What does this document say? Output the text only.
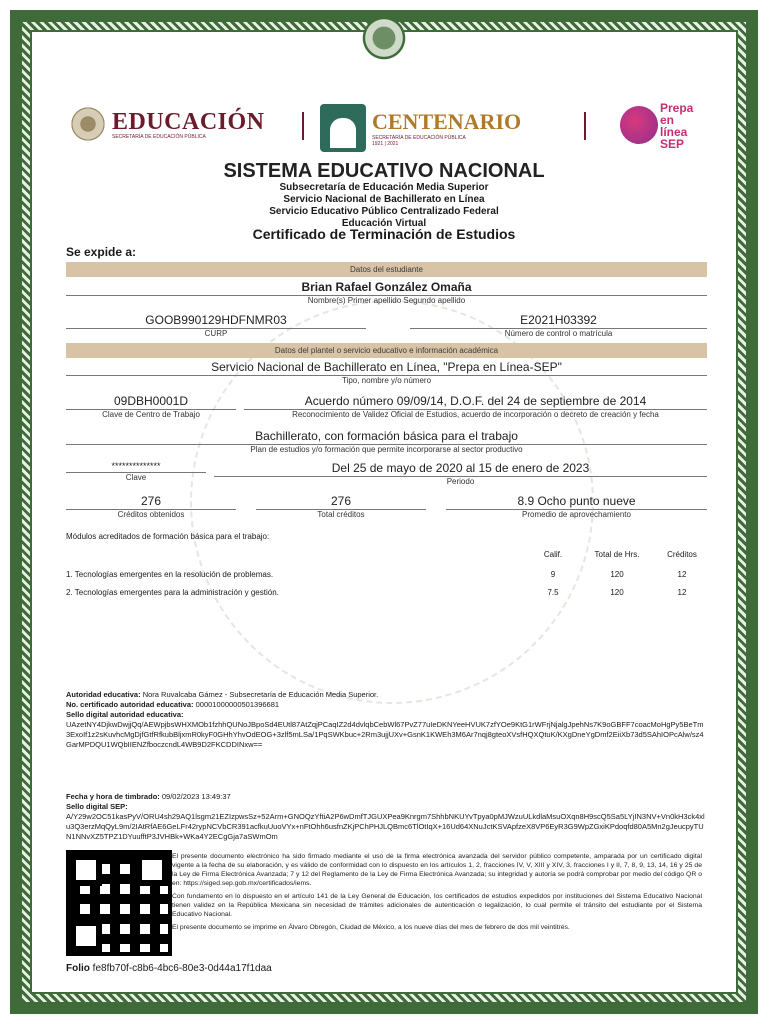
EDUCACIÓN
SECRETARÍA DE EDUCACIÓN PÚBLICA
CENTENARIO
SECRETARÍA DE EDUCACIÓN PÚBLICA
1921 | 2021
Prepa en línea SEP
SISTEMA EDUCATIVO NACIONAL
Subsecretaría de Educación Media Superior
Servicio Nacional de Bachillerato en Línea
Servicio Educativo Público Centralizado Federal
Educación Virtual
Certificado de Terminación de Estudios
Se expide a:
Datos del estudiante
Brian Rafael González Omaña
Nombre(s) Primer apellido Segundo apellido
GOOB990129HDFNMR03
CURP
E2021H03392
Número de control o matrícula
Datos del plantel o servicio educativo e información académica
Servicio Nacional de Bachillerato en Línea, "Prepa en Línea-SEP"
Tipo, nombre y/o número
09DBH0001D
Clave de Centro de Trabajo
Acuerdo número 09/09/14, D.O.F. del 24 de septiembre de 2014
Reconocimiento de Validez Oficial de Estudios, acuerdo de incorporación o decreto de creación y fecha
Bachillerato, con formación básica para el trabajo
Plan de estudios y/o formación que permite incorporarse al sector productivo
**************
Clave
Del 25 de mayo de 2020 al 15 de enero de 2023
Periodo
276
Créditos obtenidos
276
Total créditos
8.9 Ocho punto nueve
Promedio de aprovechamiento
Módulos acreditados de formación básica para el trabajo:
Calif.	Total de Hrs.	Créditos
1. Tecnologías emergentes en la resolución de problemas.	9	120	12
2. Tecnologías emergentes para la administración y gestión.	7.5	120	12
Autoridad educativa: Nora Ruvalcaba Gámez - Subsecretaría de Educación Media Superior.
No. certificado autoridad educativa: 00001000000501396681
Sello digital autoridad educativa:
UAzetNY4DjkwDwjjQq/AEWpjbsWHXMOb1fzhhQUNoJBpoSd4EUtl87AtZqjPCaqIZ2d4dvlqbCebWl67PvZ77uIeDKNYeeHVUK7zfYOe9KtG1rWFrjNjalgJpehNs7K9oGBFF7coacMoHgPy5BeTm3ExoIf1z2sKuvhcMgDjfGtfRfkubBljxmR0kyF0GHhYhvOdEOG+3zlf5mLSa/1PqSWKbuc+2Rm3ujjUXv+GsnK1KWEh3M6Ar7nqj8gteoXVsfHQXQtuK/KXgDneYgDmf2EiiXb73d5SAhIOPcAlw/sz4GarMPDQU1WQbIIENZfboczcndL4WB9D2FKCDDINxw==
Fecha y hora de timbrado: 09/02/2023 13:49:37
Sello digital SEP:
A/Y29w2OC51kasPyV/ORU4sh29AQ1lsgm21EZIzpwsSz+52Arm+GNOQzYftiA2P6wDmfTJGUXPea9Knrgm7ShhbNKUYvTpya0pMJWzuULkdlaMsuOXqn8H9scQ5Sa5LYjIN3NV+Vn0kH3ck4xlu3Q3erzMqQyL9m/2IAtRfAE6GeLFr42rypNCVbCR391acfkuUuoVYx+nFtOhh6usfnZKjPChPHJLQBmc6TlOtIqX+16Ud64XNuJctKSVApfzeX8VP6EyR3G9WpZGxiKPdoqfd80A5Mn2gJeucpyTUN1NNvXZ5TPZ1DYuufftP3JVHBk+WKa4Y2ECgGja7aSWmOm

El presente documento electrónico ha sido firmado mediante el uso de la firma electrónica avanzada del servidor público competente, amparada por un certificado digital vigente a la fecha de su elaboración, y es válido de conformidad con lo dispuesto en los artículos 1, 2, fracciones IV, V, XIII y XIV, 3, fracciones I y II, 7, 8, 9, 13, 14, 16 y 25 de la Ley de Firma Electrónica Avanzada; 7 y 12 del Reglamento de la Ley de Firma Electrónica Avanzada; su integridad y autoría se podrá comprobar por medio del código QR o en: https://siged.sep.gob.mx/certificados/iems.

Con fundamento en lo dispuesto en el artículo 141 de la Ley General de Educación, los certificados de estudios expedidos por instituciones del Sistema Educativo Nacional tienen validez en la República Mexicana sin necesidad de trámites adicionales de autenticación o legalización, lo cual permite el tránsito del estudiante por el Sistema Educativo Nacional.

El presente documento se imprime en Álvaro Obregón, Ciudad de México, a los nueve días del mes de febrero de dos mil veintitrés.

Folio fe8fb70f-c8b6-4bc6-80e3-0d44a17f1daa
